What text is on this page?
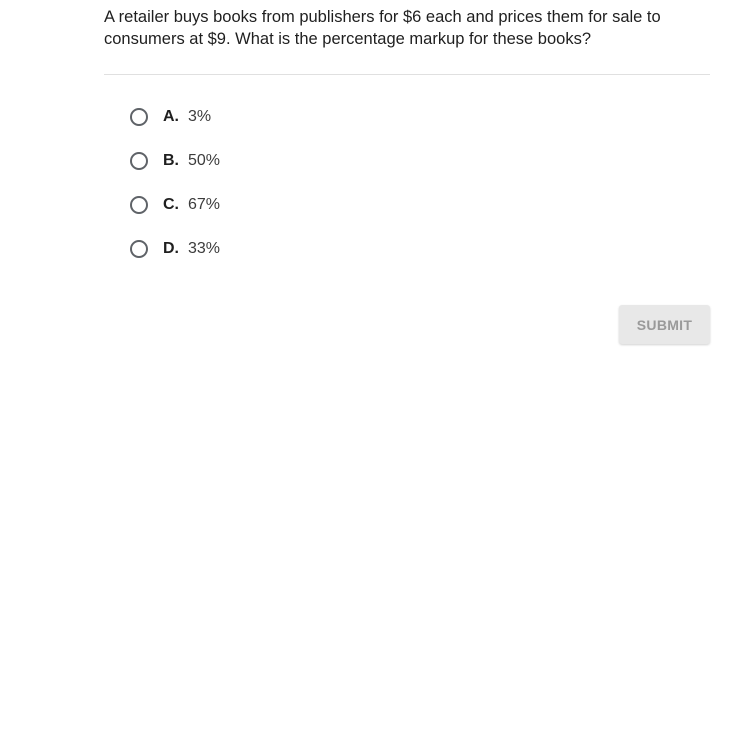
A retailer buys books from publishers for $6 each and prices them for sale to consumers at $9. What is the percentage markup for these books?
A. 3%
B. 50%
C. 67%
D. 33%
SUBMIT
